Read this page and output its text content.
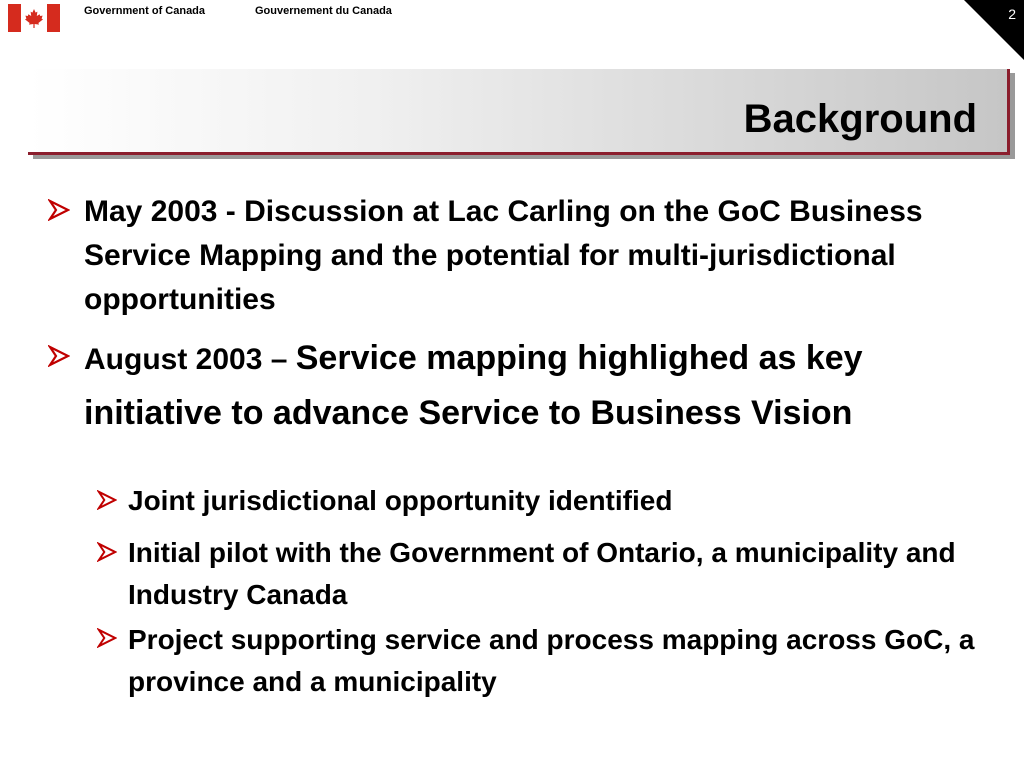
Government of Canada	Gouvernement du Canada	2
Background
May 2003 - Discussion at Lac Carling on the GoC Business Service Mapping and the potential for multi-jurisdictional opportunities
August 2003 – Service mapping highlighed as key initiative to advance Service to Business Vision
Joint jurisdictional opportunity identified
Initial pilot with the Government of Ontario, a municipality and Industry Canada
Project supporting service and process mapping across GoC, a province and a municipality
